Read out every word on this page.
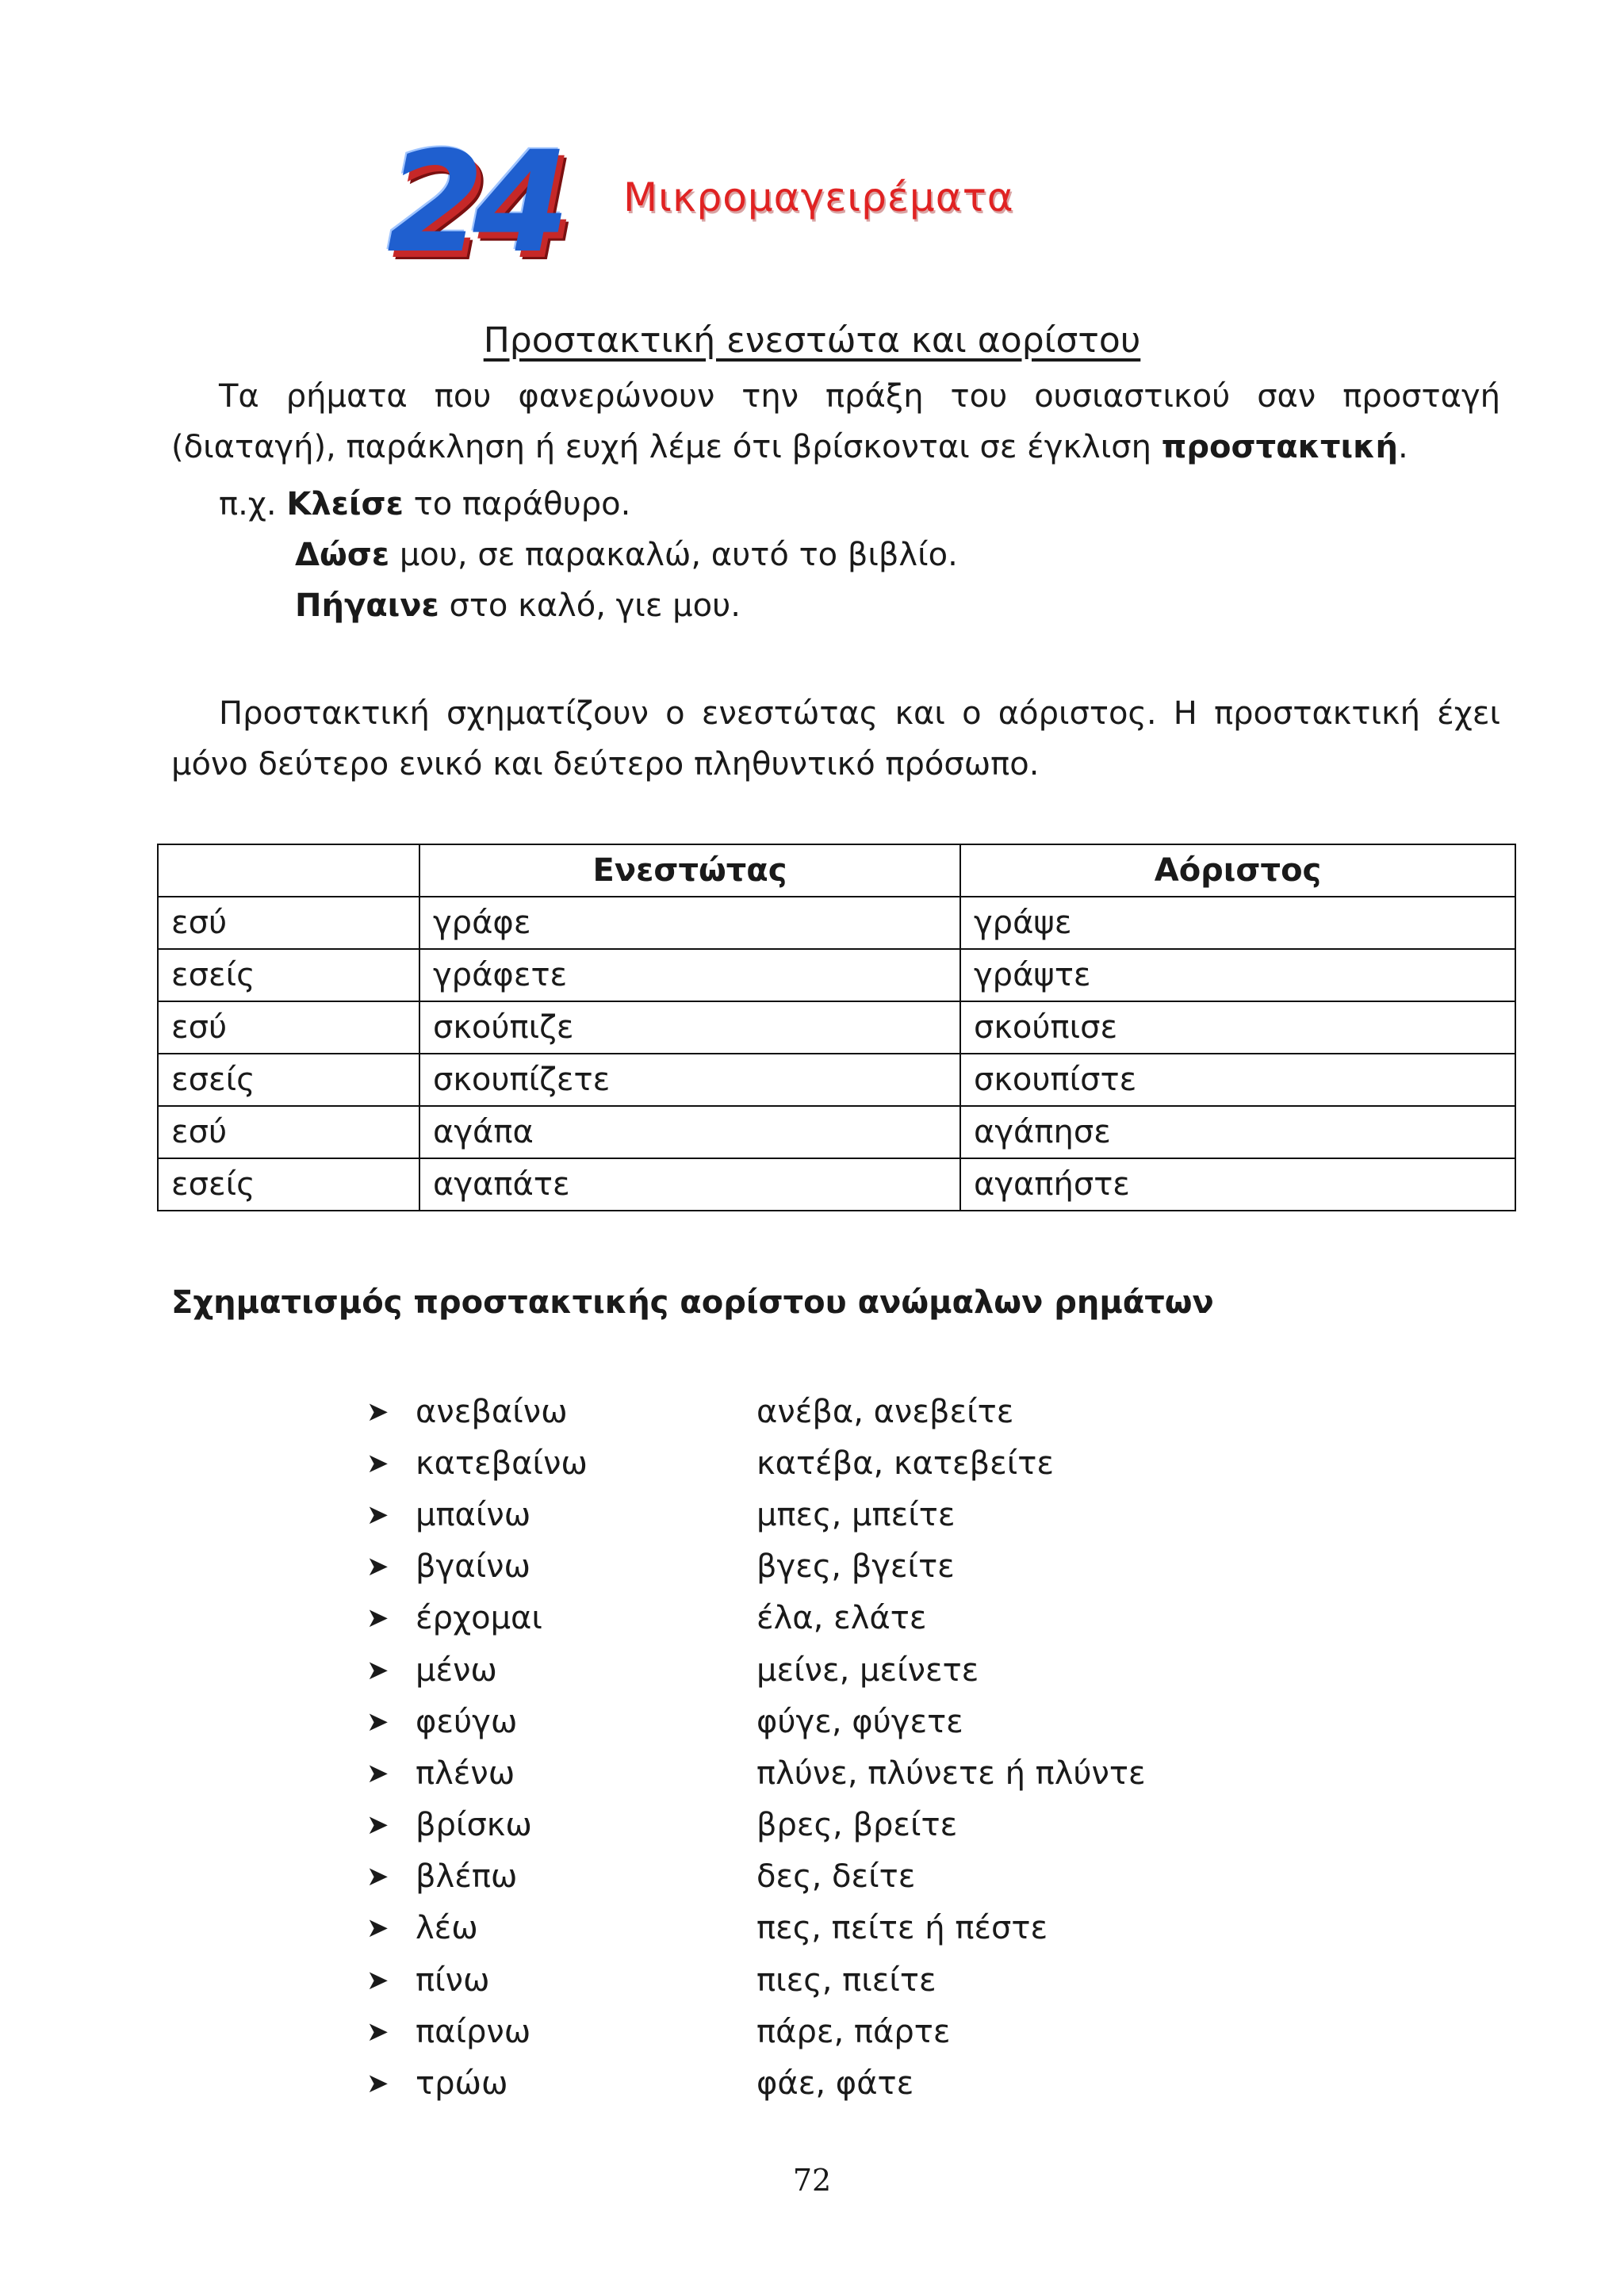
24 Μικρομαγειρέματα
Προστακτική ενεστώτα και αορίστου
Τα ρήματα που φανερώνουν την πράξη του ουσιαστικού σαν προσταγή
(διαταγή), παράκληση ή ευχή λέμε ότι βρίσκονται σε έγκλιση προστακτική.
π.χ. Κλείσε το παράθυρο.
Δώσε μου, σε παρακαλώ, αυτό το βιβλίο.
Πήγαινε στο καλό, γιε μου.
Προστακτική σχηματίζουν ο ενεστώτας και ο αόριστος. Η προστακτική έχει
μόνο δεύτερο ενικό και δεύτερο πληθυντικό πρόσωπο.
	Ενεστώτας	Αόριστος
εσύ	γράφε	γράψε
εσείς	γράφετε	γράψτε
εσύ	σκούπιζε	σκούπισε
εσείς	σκουπίζετε	σκουπίστε
εσύ	αγάπα	αγάπησε
εσείς	αγαπάτε	αγαπήστε
Σχηματισμός προστακτικής αορίστου ανώμαλων ρημάτων
➤ ανεβαίνω	ανέβα, ανεβείτε
➤ κατεβαίνω	κατέβα, κατεβείτε
➤ μπαίνω	μπες, μπείτε
➤ βγαίνω	βγες, βγείτε
➤ έρχομαι	έλα, ελάτε
➤ μένω	μείνε, μείνετε
➤ φεύγω	φύγε, φύγετε
➤ πλένω	πλύνε, πλύνετε ή πλύντε
➤ βρίσκω	βρες, βρείτε
➤ βλέπω	δες, δείτε
➤ λέω	πες, πείτε ή πέστε
➤ πίνω	πιες, πιείτε
➤ παίρνω	πάρε, πάρτε
➤ τρώω	φάε, φάτε
72
